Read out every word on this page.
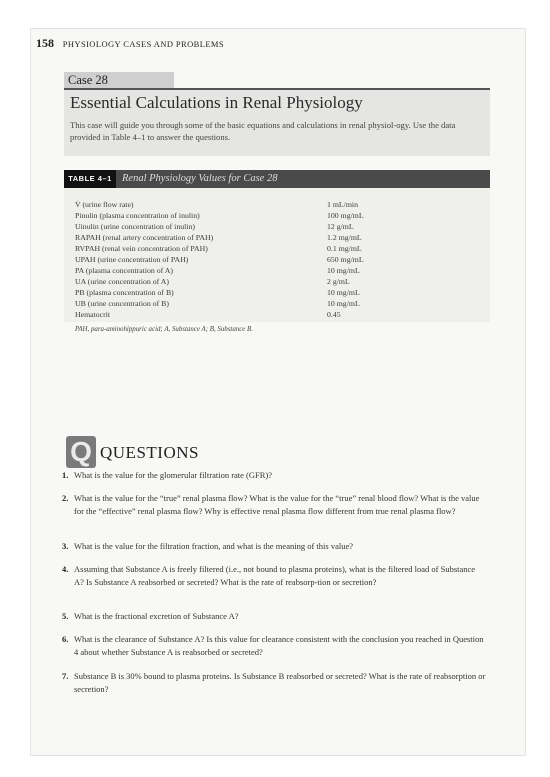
158 PHYSIOLOGY CASES AND PROBLEMS
Case 28
Essential Calculations in Renal Physiology
This case will guide you through some of the basic equations and calculations in renal physiol-ogy. Use the data provided in Table 4–1 to answer the questions.
TABLE 4–1 Renal Physiology Values for Case 28
V̇ (urine flow rate)	1 mL/min
Pinulin (plasma concentration of inulin)	100 mg/mL
Uinulin (urine concentration of inulin)	12 g/mL
RAPAH (renal artery concentration of PAH)	1.2 mg/mL
RVPAH (renal vein concentration of PAH)	0.1 mg/mL
UPAH (urine concentration of PAH)	650 mg/mL
PA (plasma concentration of A)	10 mg/mL
UA (urine concentration of A)	2 g/mL
PB (plasma concentration of B)	10 mg/mL
UB (urine concentration of B)	10 mg/mL
Hematocrit	0.45
PAH, para-aminohippuric acid; A, Substance A; B, Substance B.
Q QUESTIONS
1. What is the value for the glomerular filtration rate (GFR)?
2. What is the value for the “true” renal plasma flow? What is the value for the “true” renal blood flow? What is the value for the “effective” renal plasma flow? Why is effective renal plasma flow different from true renal plasma flow?
3. What is the value for the filtration fraction, and what is the meaning of this value?
4. Assuming that Substance A is freely filtered (i.e., not bound to plasma proteins), what is the filtered load of Substance A? Is Substance A reabsorbed or secreted? What is the rate of reabsorp-tion or secretion?
5. What is the fractional excretion of Substance A?
6. What is the clearance of Substance A? Is this value for clearance consistent with the conclusion you reached in Question 4 about whether Substance A is reabsorbed or secreted?
7. Substance B is 30% bound to plasma proteins. Is Substance B reabsorbed or secreted? What is the rate of reabsorption or secretion?
